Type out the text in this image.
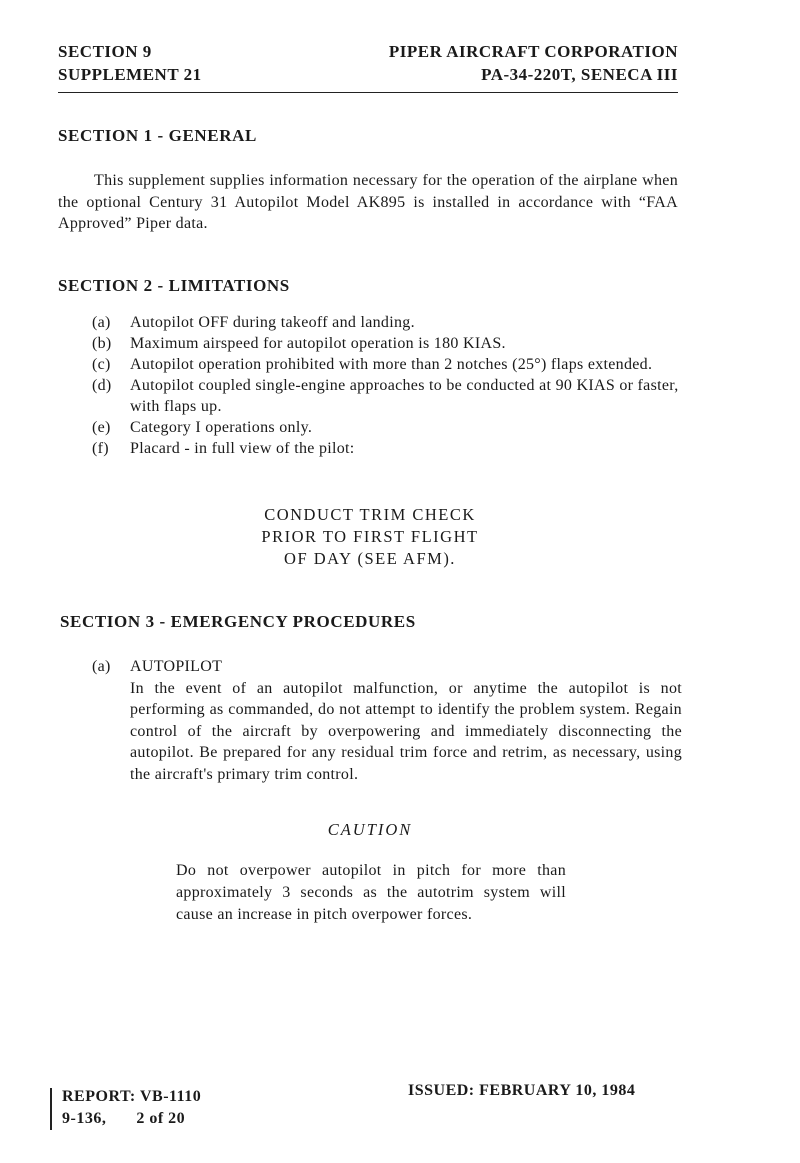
SECTION 9
SUPPLEMENT 21
PIPER AIRCRAFT CORPORATION
PA-34-220T, SENECA III
SECTION 1 - GENERAL

This supplement supplies information necessary for the operation of the airplane when the optional Century 31 Autopilot Model AK895 is installed in accordance with “FAA Approved” Piper data.

SECTION 2 - LIMITATIONS
(a)	Autopilot OFF during takeoff and landing.
(b)	Maximum airspeed for autopilot operation is 180 KIAS.
(c)	Autopilot operation prohibited with more than 2 notches (25°) flaps extended.
(d)	Autopilot coupled single-engine approaches to be conducted at 90 KIAS or faster, with flaps up.
(e)	Category I operations only.
(f)	Placard - in full view of the pilot:
CONDUCT TRIM CHECK
PRIOR TO FIRST FLIGHT
OF DAY (SEE AFM).
SECTION 3 - EMERGENCY PROCEDURES
(a)	AUTOPILOT
In the event of an autopilot malfunction, or anytime the autopilot is not performing as commanded, do not attempt to identify the problem system. Regain control of the aircraft by overpowering and immediately disconnecting the autopilot. Be prepared for any residual trim force and retrim, as necessary, using the aircraft's primary trim control.
CAUTION

Do not overpower autopilot in pitch for more than approximately 3 seconds as the autotrim system will cause an increase in pitch overpower forces.

REPORT: VB-1110
9-136, 2 of 20
ISSUED: FEBRUARY 10, 1984
